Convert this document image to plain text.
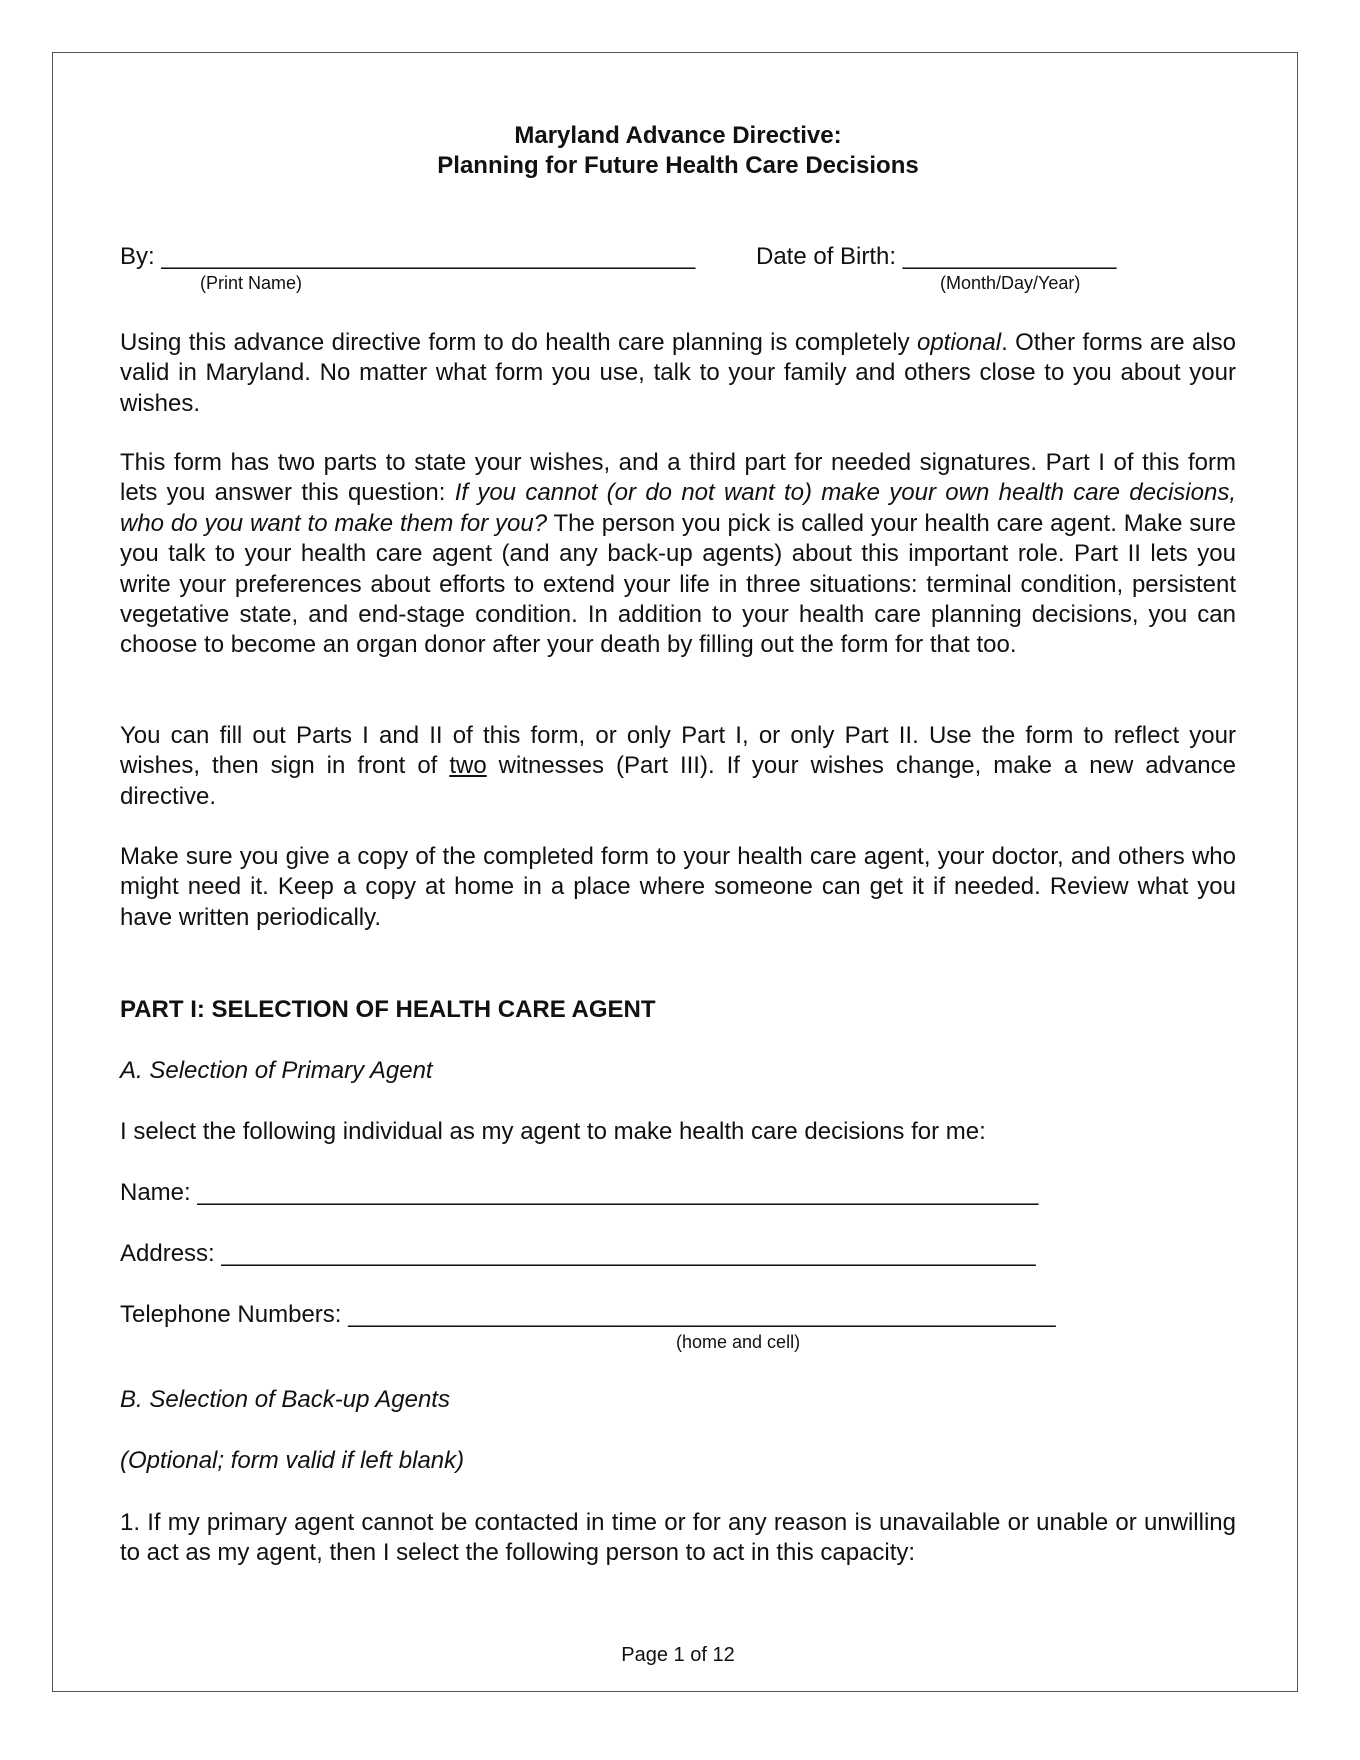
Maryland Advance Directive:
Planning for Future Health Care Decisions
By: ________________________________________	Date of Birth: ________________
(Print Name)	(Month/Day/Year)
Using this advance directive form to do health care planning is completely optional. Other forms are also valid in Maryland. No matter what form you use, talk to your family and others close to you about your wishes.
This form has two parts to state your wishes, and a third part for needed signatures. Part I of this form lets you answer this question: If you cannot (or do not want to) make your own health care decisions, who do you want to make them for you? The person you pick is called your health care agent. Make sure you talk to your health care agent (and any back-up agents) about this important role. Part II lets you write your preferences about efforts to extend your life in three situations: terminal condition, persistent vegetative state, and end-stage condition. In addition to your health care planning decisions, you can choose to become an organ donor after your death by filling out the form for that too.
You can fill out Parts I and II of this form, or only Part I, or only Part II. Use the form to reflect your wishes, then sign in front of two witnesses (Part III). If your wishes change, make a new advance directive.
Make sure you give a copy of the completed form to your health care agent, your doctor, and others who might need it. Keep a copy at home in a place where someone can get it if needed. Review what you have written periodically.
PART I: SELECTION OF HEALTH CARE AGENT
A. Selection of Primary Agent
I select the following individual as my agent to make health care decisions for me:
Name: _______________________________________________________________
Address: _____________________________________________________________
Telephone Numbers: _____________________________________________________
(home and cell)
B. Selection of Back-up Agents
(Optional; form valid if left blank)
1. If my primary agent cannot be contacted in time or for any reason is unavailable or unable or unwilling to act as my agent, then I select the following person to act in this capacity:
Page 1 of 12
